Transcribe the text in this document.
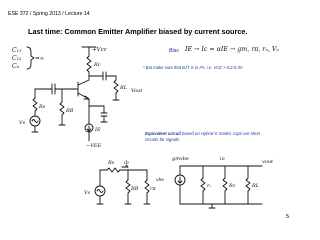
ESE 372 / Spring 2013 / Lecture 14
Last time: Common Emitter Amplifier biased by current source.
Bias
* But make sure that BJT is in FA, i.e. VCE > 0.2-0.3V
Equivalent circuit based on Hybrid-π model, caps are short circuits for signals
C₁₁
C₁₂
C₆
=∞
+Vcc
Rc
RL Vout
IE
−VEE
RB
Rs
Vs
IE → Ic = αIE → gm, rπ, rₒ, Vₒ
Vs
Rs ib
RB rπ
vbe
gmvbe
rₒ	Rc
io
RL
vout
5
